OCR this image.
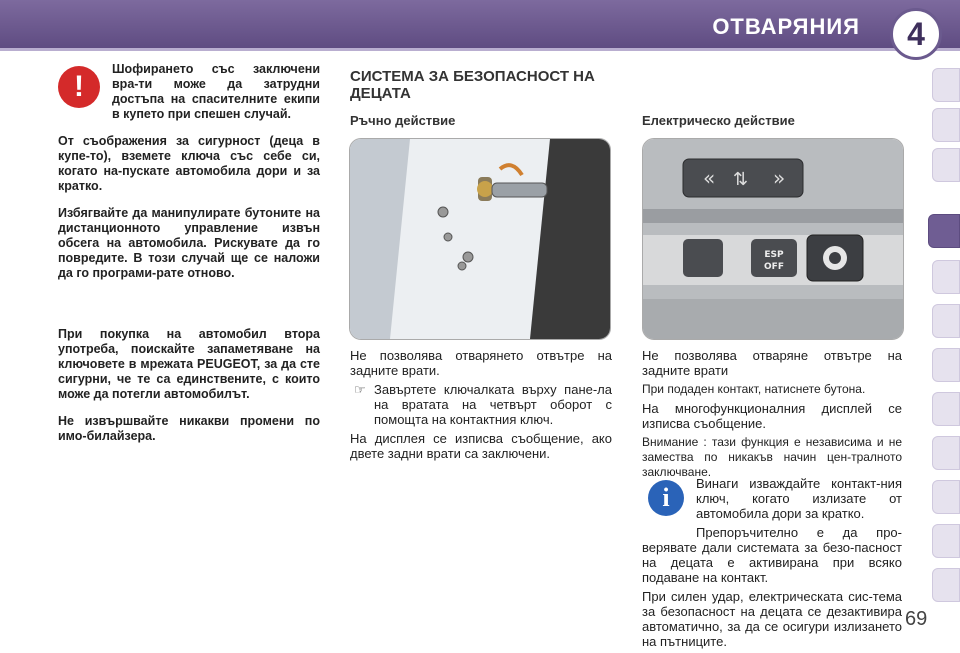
ОТВАРЯНИЯ	4
!

Шофирането със заключени вра-ти може да затрудни достъпа на спасителните екипи в купето при спешен случай.

От съображения за сигурност (деца в купе-то), вземете ключа със себе си, когато на-пускате автомобила дори и за кратко.

Избягвайте да манипулирате бутоните на дистанционното управление извън обсега на автомобила. Рискувате да го повредите. В този случай ще се наложи да го програми-рате отново.

При покупка на автомобил втора употреба, поискайте запаметяване на ключовете в мрежата PEUGEOT, за да сте сигурни, че те са единствените, с които може да потегли автомобилът.

Не извършвайте никакви промени по имо-билайзера.

СИСТЕМА ЗА БЕЗОПАСНОСТ НА ДЕЦАТА
Ръчно действие

Не позволява отварянето отвътре на задните врати.

☞ Завъртете ключалката върху пане-ла на вратата на четвърт оборот с помощта на контактния ключ.

На дисплея се изписва съобщение, ако двете задни врати са заключени.

Електрическо действие
« ⇅ »
ESP
OFF

Не позволява отваряне отвътре на задните врати

При подаден контакт, натиснете бутона.

На многофункционалния дисплей се изписва съобщение.

Внимание : тази функция е независима и не замества по никакъв начин цен-тралното заключване.

i	Винаги изваждайте контакт-ния ключ, когато излизате от автомобила дори за кратко.

Препоръчително е да про-верявате дали системата за безо-пасност на децата е активирана при всяко подаване на контакт.

При силен удар, електрическата сис-тема за безопасност на децата се дезактивира автоматично, за да се осигури излизането на пътниците.

69
